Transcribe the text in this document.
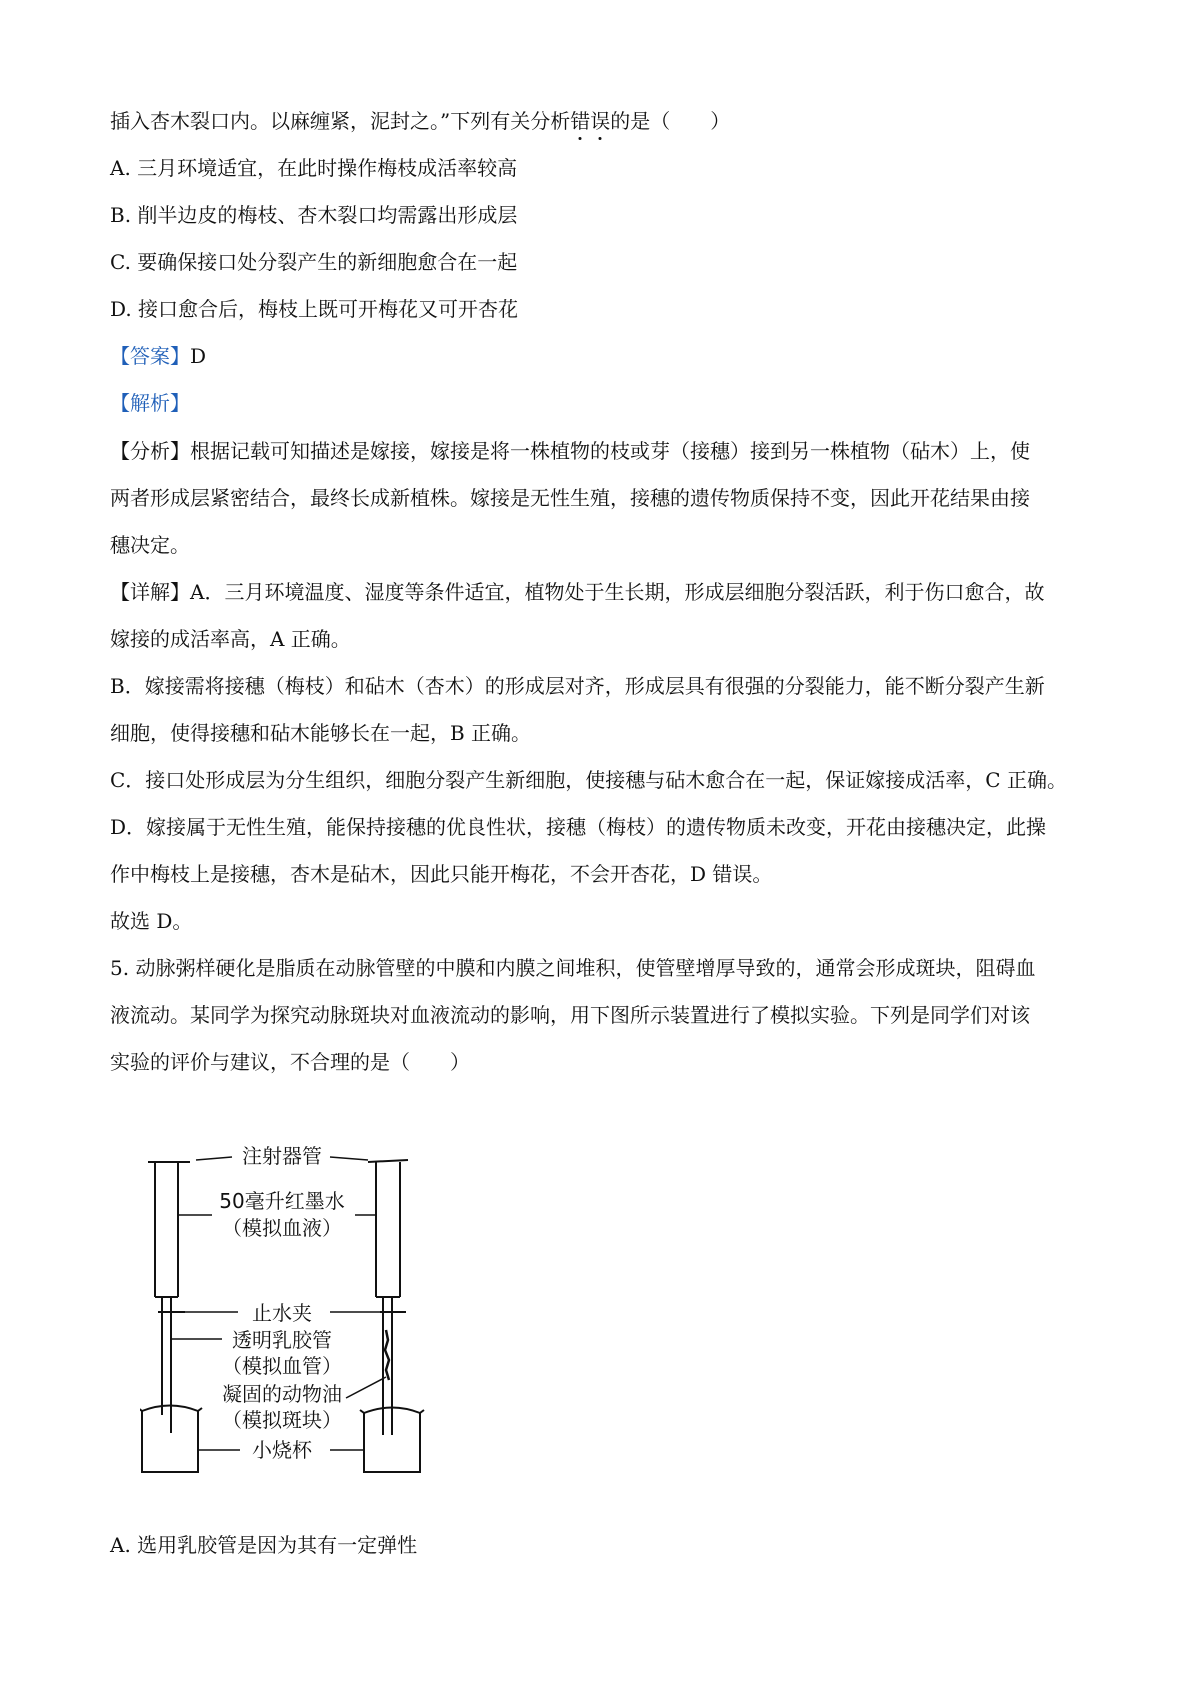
插入杏木裂口内。以麻缠紧，泥封之。”下列有关分析错误的是（　　）
A. 三月环境适宜，在此时操作梅枝成活率较高
B. 削半边皮的梅枝、杏木裂口均需露出形成层
C. 要确保接口处分裂产生的新细胞愈合在一起
D. 接口愈合后，梅枝上既可开梅花又可开杏花
【答案】D
【解析】
【分析】根据记载可知描述是嫁接，嫁接是将一株植物的枝或芽（接穗）接到另一株植物（砧木）上，使
两者形成层紧密结合，最终长成新植株。嫁接是无性生殖，接穗的遗传物质保持不变，因此开花结果由接
穗决定。
【详解】A．三月环境温度、湿度等条件适宜，植物处于生长期，形成层细胞分裂活跃，利于伤口愈合，故
嫁接的成活率高，A 正确。
B．嫁接需将接穗（梅枝）和砧木（杏木）的形成层对齐，形成层具有很强的分裂能力，能不断分裂产生新
细胞，使得接穗和砧木能够长在一起，B 正确。
C．接口处形成层为分生组织，细胞分裂产生新细胞，使接穗与砧木愈合在一起，保证嫁接成活率，C 正确。
D．嫁接属于无性生殖，能保持接穗的优良性状，接穗（梅枝）的遗传物质未改变，开花由接穗决定，此操
作中梅枝上是接穗，杏木是砧木，因此只能开梅花，不会开杏花，D 错误。
故选 D。
5. 动脉粥样硬化是脂质在动脉管壁的中膜和内膜之间堆积，使管壁增厚导致的，通常会形成斑块，阻碍血
液流动。某同学为探究动脉斑块对血液流动的影响，用下图所示装置进行了模拟实验。下列是同学们对该
实验的评价与建议，不合理的是（　　）
注射器管
50毫升红墨水
（模拟血液）
止水夹
透明乳胶管
（模拟血管）
凝固的动物油
（模拟斑块）
小烧杯
A. 选用乳胶管是因为其有一定弹性
